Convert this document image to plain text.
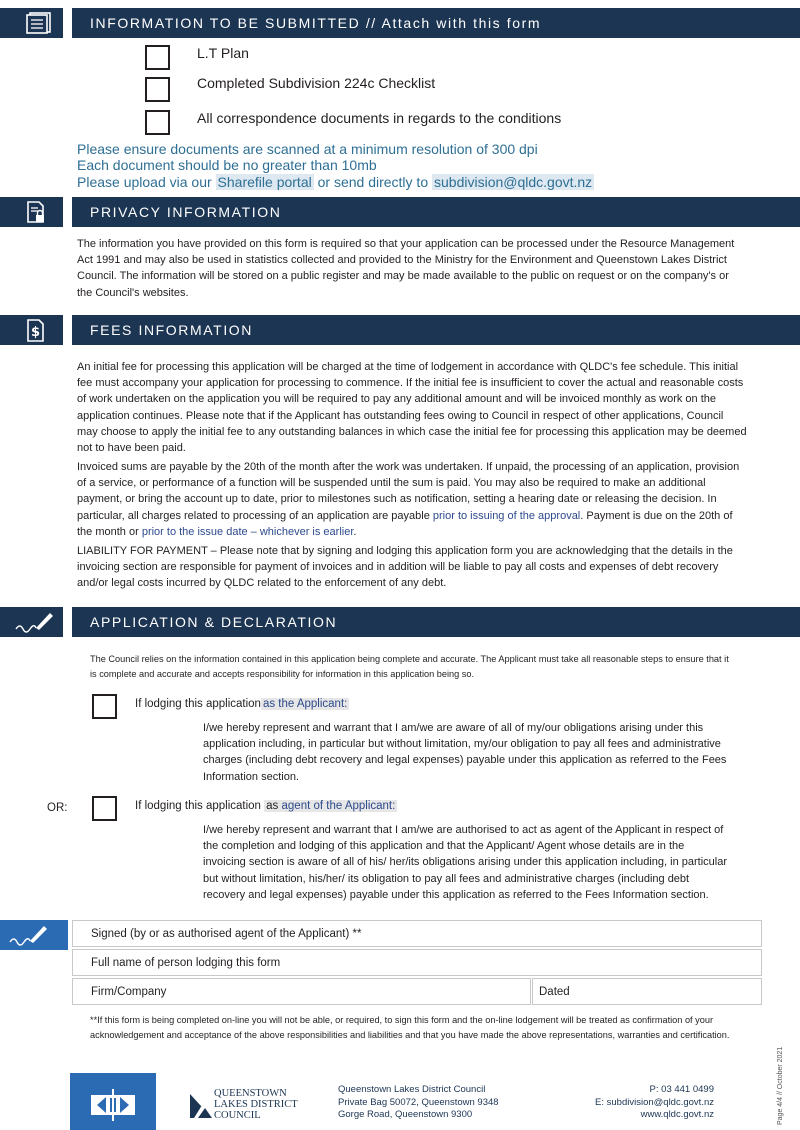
INFORMATION TO BE SUBMITTED // Attach with this form
L.T Plan
Completed Subdivision 224c Checklist
All correspondence documents in regards to the conditions
Please ensure documents are scanned at a minimum resolution of 300 dpi
Each document should be no greater than 10mb
Please upload via our Sharefile portal or send directly to subdivision@qldc.govt.nz
PRIVACY INFORMATION
The information you have provided on this form is required so that your application can be processed under the Resource Management Act 1991 and may also be used in statistics collected and provided to the Ministry for the Environment and Queenstown Lakes District Council. The information will be stored on a public register and may be made available to the public on request or on the company's or the Council's websites.
$	FEES INFORMATION
An initial fee for processing this application will be charged at the time of lodgement in accordance with QLDC's fee schedule. This initial fee must accompany your application for processing to commence. If the initial fee is insufficient to cover the actual and reasonable costs of work undertaken on the application you will be required to pay any additional amount and will be invoiced monthly as work on the application continues. Please note that if the Applicant has outstanding fees owing to Council in respect of other applications, Council may choose to apply the initial fee to any outstanding balances in which case the initial fee for processing this application may be deemed not to have been paid.
Invoiced sums are payable by the 20th of the month after the work was undertaken. If unpaid, the processing of an application, provision of a service, or performance of a function will be suspended until the sum is paid. You may also be required to make an additional payment, or bring the account up to date, prior to milestones such as notification, setting a hearing date or releasing the decision. In particular, all charges related to processing of an application are payable prior to issuing of the approval. Payment is due on the 20th of the month or prior to the issue date – whichever is earlier.
LIABILITY FOR PAYMENT – Please note that by signing and lodging this application form you are acknowledging that the details in the invoicing section are responsible for payment of invoices and in addition will be liable to pay all costs and expenses of debt recovery and/or legal costs incurred by QLDC related to the enforcement of any debt.
APPLICATION & DECLARATION
The Council relies on the information contained in this application being complete and accurate. The Applicant must take all reasonable steps to ensure that it is complete and accurate and accepts responsibility for information in this application being so.
If lodging this application as the Applicant:
I/we hereby represent and warrant that I am/we are aware of all of my/our obligations arising under this application including, in particular but without limitation, my/our obligation to pay all fees and administrative charges (including debt recovery and legal expenses) payable under this application as referred to the Fees Information section.
OR:	If lodging this application as agent of the Applicant:
I/we hereby represent and warrant that I am/we are authorised to act as agent of the Applicant in respect of the completion and lodging of this application and that the Applicant/ Agent whose details are in the invoicing section is aware of all of his/ her/its obligations arising under this application including, in particular but without limitation, his/her/ its obligation to pay all fees and administrative charges (including debt recovery and legal expenses) payable under this application as referred to the Fees Information section.
Signed (by or as authorised agent of the Applicant) **
Full name of person lodging this form
Firm/Company	Dated
**If this form is being completed on-line you will not be able, or required, to sign this form and the on-line lodgement will be treated as confirmation of your acknowledgement and acceptance of the above responsibilities and liabilities and that you have made the above representations, warranties and certification.
QUEENSTOWN
LAKES DISTRICT
COUNCIL
Queenstown Lakes District Council
Private Bag 50072, Queenstown 9348
Gorge Road, Queenstown 9300
P: 03 441 0499
E: subdivision@qldc.govt.nz
www.qldc.govt.nz	Page 4/4 // October 2021
